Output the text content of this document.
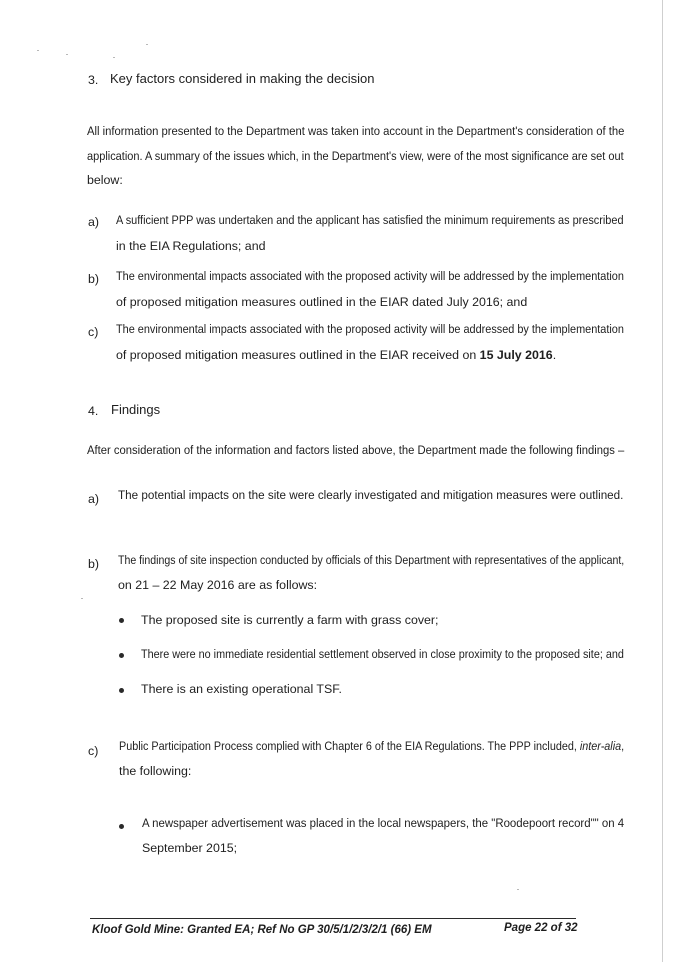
3. Key factors considered in making the decision
All information presented to the Department was taken into account in the Department's consideration of the
application. A summary of the issues which, in the Department's view, were of the most significance are set out
below:
a) A sufficient PPP was undertaken and the applicant has satisfied the minimum requirements as prescribed
in the EIA Regulations; and
b) The environmental impacts associated with the proposed activity will be addressed by the implementation
of proposed mitigation measures outlined in the EIAR dated July 2016; and
c) The environmental impacts associated with the proposed activity will be addressed by the implementation
of proposed mitigation measures outlined in the EIAR received on 15 July 2016.
4. Findings
After consideration of the information and factors listed above, the Department made the following findings –
a) The potential impacts on the site were clearly investigated and mitigation measures were outlined.
b) The findings of site inspection conducted by officials of this Department with representatives of the applicant,
on 21 – 22 May 2016 are as follows:
The proposed site is currently a farm with grass cover;
There were no immediate residential settlement observed in close proximity to the proposed site; and
There is an existing operational TSF.
c) Public Participation Process complied with Chapter 6 of the EIA Regulations. The PPP included, inter-alia,
the following:
A newspaper advertisement was placed in the local newspapers, the "Roodepoort record"" on 4
September 2015;
Kloof Gold Mine: Granted EA; Ref No GP 30/5/1/2/3/2/1 (66) EM	Page 22 of 32
